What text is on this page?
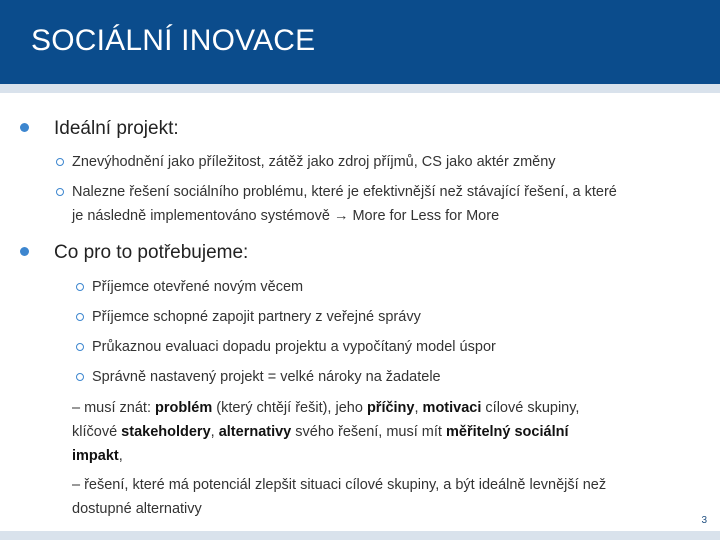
SOCIÁLNÍ INOVACE
Ideální projekt:
Znevýhodnění jako příležitost, zátěž jako zdroj příjmů, CS jako aktér změny
Nalezne řešení sociálního problému, které je efektivnější než stávající řešení, a které
je následně implementováno systémově → More for Less for More
Co pro to potřebujeme:
Příjemce otevřené novým věcem
Příjemce schopné zapojit partnery z veřejné správy
Průkaznou evaluaci dopadu projektu a vypočítaný model úspor
Správně nastavený projekt = velké nároky na žadatele
– musí znát: problém (který chtějí řešit), jeho příčiny, motivaci cílové skupiny,
klíčové stakeholdery, alternativy svého řešení, musí mít měřitelný sociální
impakt,
– řešení, které má potenciál zlepšit situaci cílové skupiny, a být ideálně levnější než
dostupné alternativy
3
